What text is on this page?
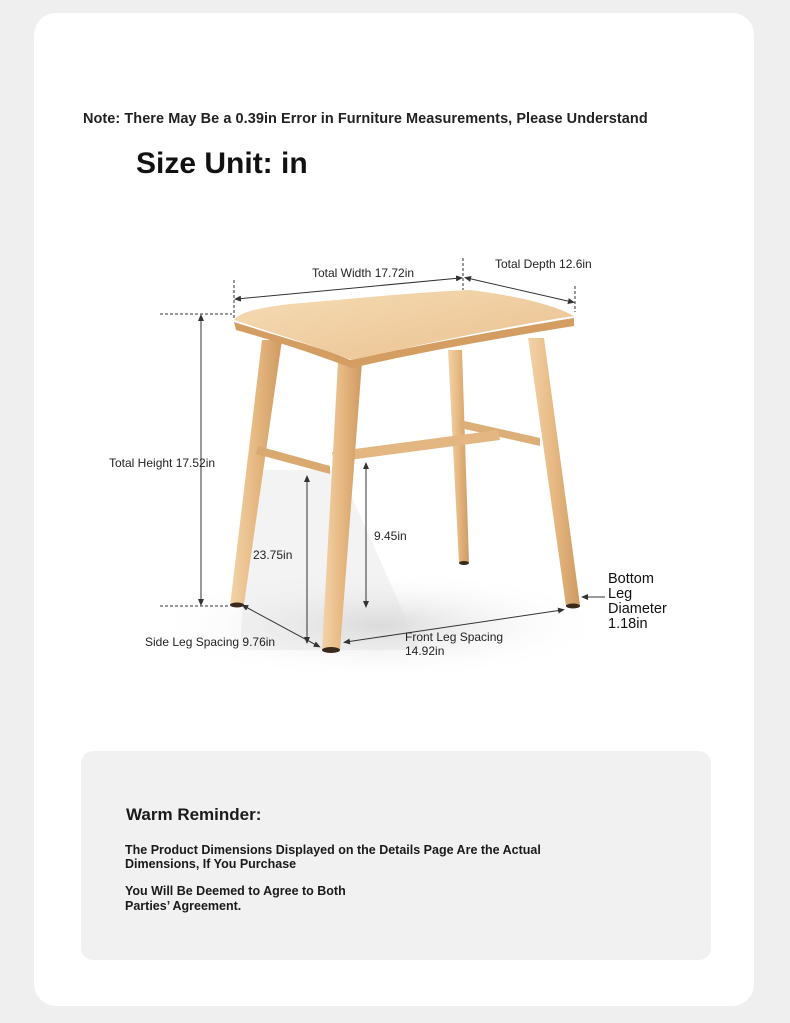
Note: There May Be a 0.39in Error in Furniture Measurements, Please Understand
Size Unit: in
Total Width 17.72in
Total Depth 12.6in
Total Height 17.52in
9.45in
23.75in
Side Leg Spacing 9.76in	Front Leg Spacing
14.92in
Bottom
Leg
Diameter
1.18in
Warm Reminder:
The Product Dimensions Displayed on the Details Page Are the Actual Dimensions, If You Purchase
You Will Be Deemed to Agree to Both Parties’ Agreement.
